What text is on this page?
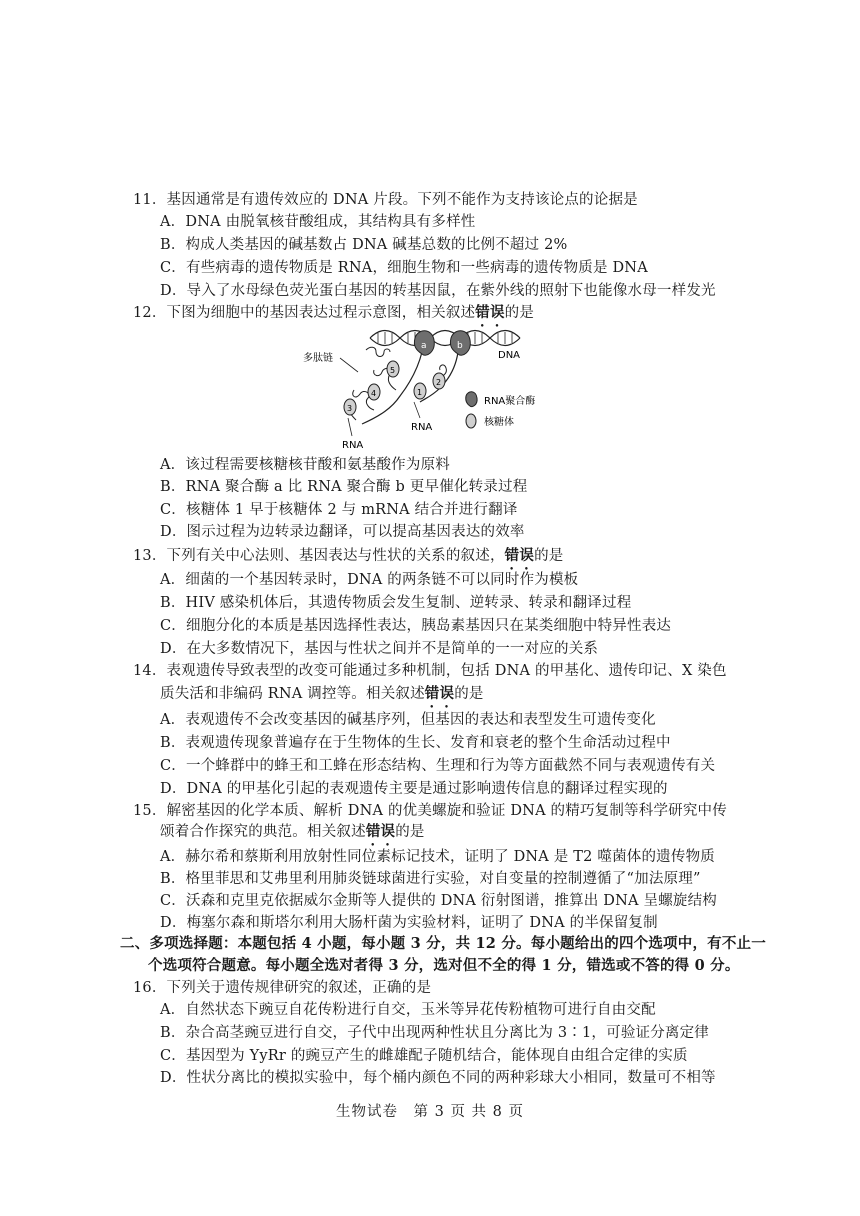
11．基因通常是有遗传效应的 DNA 片段。下列不能作为支持该论点的论据是
A．DNA 由脱氧核苷酸组成，其结构具有多样性
B．构成人类基因的碱基数占 DNA 碱基总数的比例不超过 2%
C．有些病毒的遗传物质是 RNA，细胞生物和一些病毒的遗传物质是 DNA
D．导入了水母绿色荧光蛋白基因的转基因鼠，在紫外线的照射下也能像水母一样发光
12．下图为细胞中的基因表达过程示意图，相关叙述错误的是
DNA
a	b
5
4
3
2
1
多肽链
RNA
RNA
RNA聚合酶
核糖体
A．该过程需要核糖核苷酸和氨基酸作为原料
B．RNA 聚合酶 a 比 RNA 聚合酶 b 更早催化转录过程
C．核糖体 1 早于核糖体 2 与 mRNA 结合并进行翻译
D．图示过程为边转录边翻译，可以提高基因表达的效率
13．下列有关中心法则、基因表达与性状的关系的叙述，错误的是
A．细菌的一个基因转录时，DNA 的两条链不可以同时作为模板
B．HIV 感染机体后，其遗传物质会发生复制、逆转录、转录和翻译过程
C．细胞分化的本质是基因选择性表达，胰岛素基因只在某类细胞中特异性表达
D．在大多数情况下，基因与性状之间并不是简单的一一对应的关系
14．表观遗传导致表型的改变可能通过多种机制，包括 DNA 的甲基化、遗传印记、X 染色
质失活和非编码 RNA 调控等。相关叙述错误的是
A．表观遗传不会改变基因的碱基序列，但基因的表达和表型发生可遗传变化
B．表观遗传现象普遍存在于生物体的生长、发育和衰老的整个生命活动过程中
C．一个蜂群中的蜂王和工蜂在形态结构、生理和行为等方面截然不同与表观遗传有关
D．DNA 的甲基化引起的表观遗传主要是通过影响遗传信息的翻译过程实现的
15．解密基因的化学本质、解析 DNA 的优美螺旋和验证 DNA 的精巧复制等科学研究中传
颂着合作探究的典范。相关叙述错误的是
A．赫尔希和蔡斯利用放射性同位素标记技术，证明了 DNA 是 T2 噬菌体的遗传物质
B．格里菲思和艾弗里利用肺炎链球菌进行实验，对自变量的控制遵循了“加法原理”
C．沃森和克里克依据威尔金斯等人提供的 DNA 衍射图谱，推算出 DNA 呈螺旋结构
D．梅塞尔森和斯塔尔利用大肠杆菌为实验材料，证明了 DNA 的半保留复制
二、多项选择题：本题包括 4 小题，每小题 3 分，共 12 分。每小题给出的四个选项中，有不止一
个选项符合题意。每小题全选对者得 3 分，选对但不全的得 1 分，错选或不答的得 0 分。
16．下列关于遗传规律研究的叙述，正确的是
A．自然状态下豌豆自花传粉进行自交，玉米等异花传粉植物可进行自由交配
B．杂合高茎豌豆进行自交，子代中出现两种性状且分离比为 3∶1，可验证分离定律
C．基因型为 YyRr 的豌豆产生的雌雄配子随机结合，能体现自由组合定律的实质
D．性状分离比的模拟实验中，每个桶内颜色不同的两种彩球大小相同，数量可不相等
生物试卷　第 3 页 共 8 页
